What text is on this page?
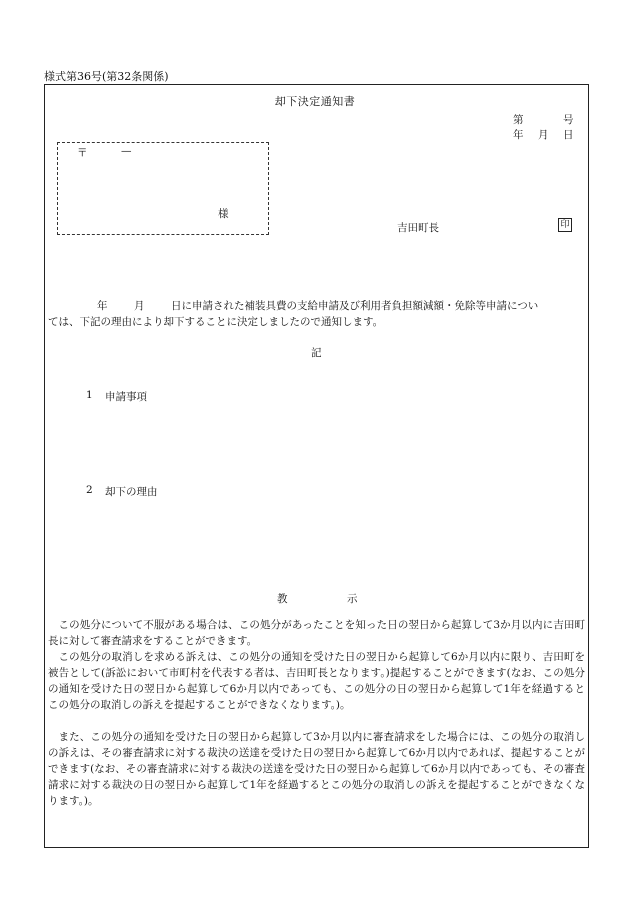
様式第36号(第32条関係)
却下決定通知書
第	号
年 月 日
〒	—
様
吉田町長	印
年	月	日に申請された補装具費の支給申請及び利用者負担額減額・免除等申請につい
ては、下記の理由により却下することに決定しましたので通知します。
記
1 申請事項
2 却下の理由
教	示
この処分について不服がある場合は、この処分があったことを知った日の翌日から起算して3か月以内に吉田町長に対して審査請求をすることができます。
この処分の取消しを求める訴えは、この処分の通知を受けた日の翌日から起算して6か月以内に限り、吉田町を被告として(訴訟において市町村を代表する者は、吉田町長となります。)提起することができます(なお、この処分の通知を受けた日の翌日から起算して6か月以内であっても、この処分の日の翌日から起算して1年を経過するとこの処分の取消しの訴えを提起することができなくなります。)。
また、この処分の通知を受けた日の翌日から起算して3か月以内に審査請求をした場合には、この処分の取消しの訴えは、その審査請求に対する裁決の送達を受けた日の翌日から起算して6か月以内であれば、提起することができます(なお、その審査請求に対する裁決の送達を受けた日の翌日から起算して6か月以内であっても、その審査請求に対する裁決の日の翌日から起算して1年を経過するとこの処分の取消しの訴えを提起することができなくなります。)。
